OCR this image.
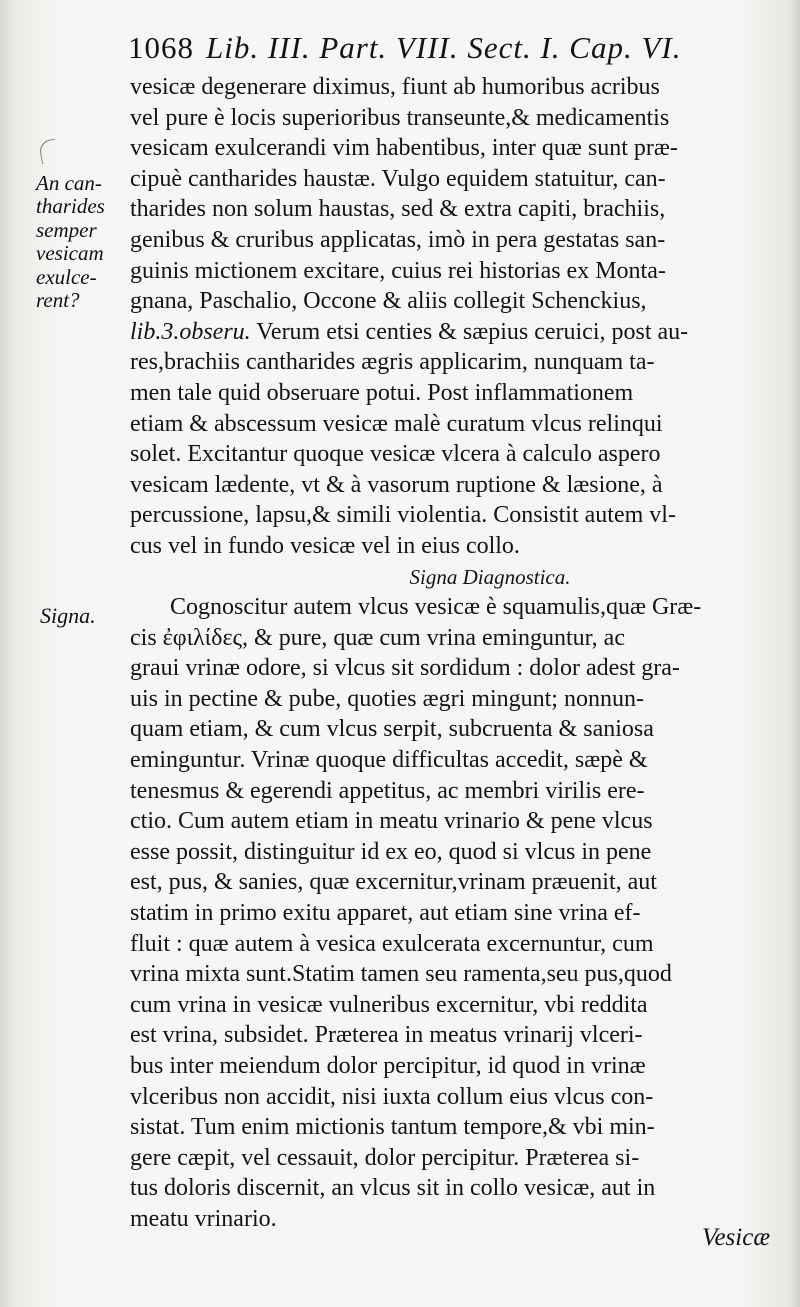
1068 Lib. III. Part. VIII. Sect. I. Cap. VI.
An can-
tharides
semper
vesicam
exulce-
rent?
Signa.
vesicæ degenerare diximus, fiunt ab humoribus acribus
vel pure è locis superioribus transeunte,& medicamentis
vesicam exulcerandi vim habentibus, inter quæ sunt præ-
cipuè cantharides haustæ. Vulgo equidem statuitur, can-
tharides non solum haustas, sed & extra capiti, brachiis,
genibus & cruribus applicatas, imò in pera gestatas san-
guinis mictionem excitare, cuius rei historias ex Monta-
gnana, Paschalio, Occone & aliis collegit Schenckius,
lib.3.obseru. Verum etsi centies & sæpius ceruici, post au-
res,brachiis cantharides ægris applicarim, nunquam ta-
men tale quid obseruare potui. Post inflammationem
etiam & abscessum vesicæ malè curatum vlcus relinqui
solet. Excitantur quoque vesicæ vlcera à calculo aspero
vesicam lædente, vt & à vasorum ruptione & læsione, à
percussione, lapsu,& simili violentia. Consistit autem vl-
cus vel in fundo vesicæ vel in eius collo.
Signa Diagnostica.
Cognoscitur autem vlcus vesicæ è squamulis,quæ Græ-
cis ἐφιλίδες, & pure, quæ cum vrina eminguntur, ac
graui vrinæ odore, si vlcus sit sordidum : dolor adest gra-
uis in pectine & pube, quoties ægri mingunt; nonnun-
quam etiam, & cum vlcus serpit, subcruenta & saniosa
eminguntur. Vrinæ quoque difficultas accedit, sæpè &
tenesmus & egerendi appetitus, ac membri virilis ere-
ctio. Cum autem etiam in meatu vrinario & pene vlcus
esse possit, distinguitur id ex eo, quod si vlcus in pene
est, pus, & sanies, quæ excernitur,vrinam præuenit, aut
statim in primo exitu apparet, aut etiam sine vrina ef-
fluit : quæ autem à vesica exulcerata excernuntur, cum
vrina mixta sunt.Statim tamen seu ramenta,seu pus,quod
cum vrina in vesicæ vulneribus excernitur, vbi reddita
est vrina, subsidet. Præterea in meatus vrinarij vlceri-
bus inter meiendum dolor percipitur, id quod in vrinæ
vlceribus non accidit, nisi iuxta collum eius vlcus con-
sistat. Tum enim mictionis tantum tempore,& vbi min-
gere cæpit, vel cessauit, dolor percipitur. Præterea si-
tus doloris discernit, an vlcus sit in collo vesicæ, aut in
meatu vrinario.
Vesicæ
